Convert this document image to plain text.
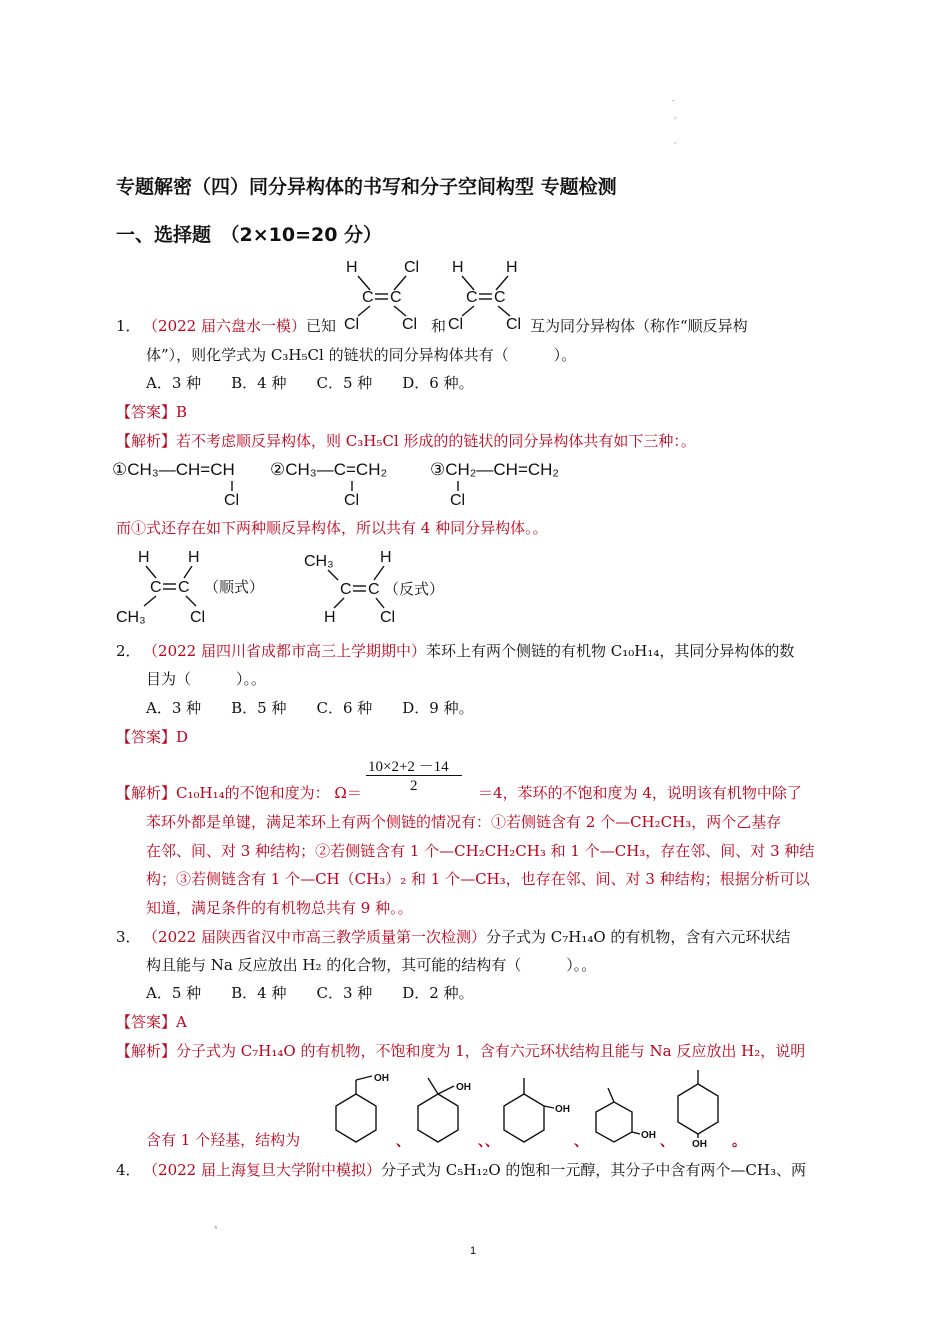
-
'
,
专题解密（四）同分异构体的书写和分子空间构型 专题检测
一、选择题　（2×10=20 分）
H	Cl
C C
Cl	Cl
H	H
C C
Cl	Cl
1． （2022 届六盘水一模）已知	和	互为同分异构体（称作“顺反异构
体”），则化学式为 C₃H₅Cl 的链状的同分异构体共有（　　　）。
A．3 种　　B．4 种　　C．5 种　　D．6 种。
【答案】B
【解析】若不考虑顺反异构体，则 C₃H₅Cl 形成的的链状的同分异构体共有如下三种：。
①CH₃—CH=CH
Cl
②CH₃—C=CH₂
Cl
③CH₂—CH=CH₂
Cl
而①式还存在如下两种顺反异构体，所以共有 4 种同分异构体。。
H H
C C （顺式）
CH₃	Cl
CH₃	H
C C （反式）
H	Cl
2． （2022 届四川省成都市高三上学期期中）苯环上有两个侧链的有机物 C₁₀H₁₄，其同分异构体的数
目为（　　　）。。
A．3 种　　B．5 种　　C．6 种　　D．9 种。
【答案】D
10×2+2 －14
2
【解析】C₁₀H₁₄的不饱和度为： Ω＝	＝4，苯环的不饱和度为 4，说明该有机物中除了
苯环外都是单键，满足苯环上有两个侧链的情况有：①若侧链含有 2 个—CH₂CH₃，两个乙基存
在邻、间、对 3 种结构；②若侧链含有 1 个—CH₂CH₂CH₃ 和 1 个—CH₃，存在邻、间、对 3 种结
构；③若侧链含有 1 个—CH（CH₃）₂ 和 1 个—CH₃，也存在邻、间、对 3 种结构；根据分析可以
知道，满足条件的有机物总共有 9 种。。
3． （2022 届陕西省汉中市高三教学质量第一次检测）分子式为 C₇H₁₄O 的有机物，含有六元环状结
构且能与 Na 反应放出 H₂ 的化合物，其可能的结构有（　　　）。。
A．5 种　　B．4 种　　C．3 种　　D．2 种。
【答案】A
【解析】分子式为 C₇H₁₄O 的有机物，不饱和度为 1，含有六元环状结构且能与 Na 反应放出 H₂，说明
含有 1 个羟基，结构为
OH
、
OH
、、
OH
、	OH 、 OH 。
4． （2022 届上海复旦大学附中模拟）分子式为 C₅H₁₂O 的饱和一元醇，其分子中含有两个—CH₃、两
₄
1
